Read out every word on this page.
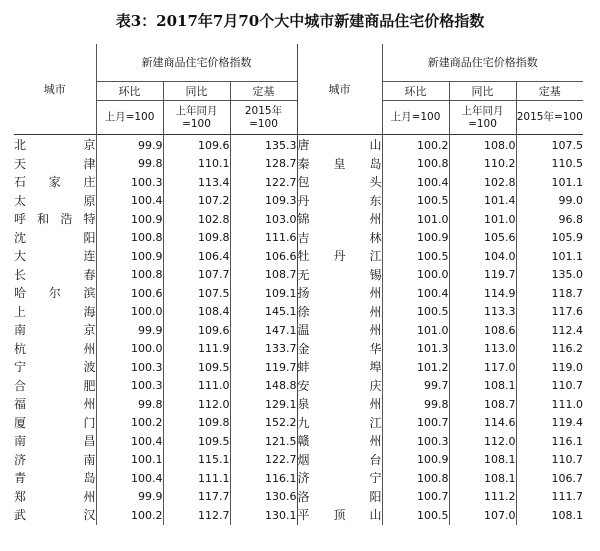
表3：2017年7月70个大中城市新建商品住宅价格指数
城市	新建商品住宅价格指数			城市	新建商品住宅价格指数		
	环比	同比	定基		环比	同比	定基
	上月=100	上年同月=100	2015年=100		上月=100	上年同月=100	2015年=100
北京	99.9	109.6	135.3	唐山	100.2	108.0	107.5
天津	99.8	110.1	128.7	秦皇岛	100.8	110.2	110.5
石家庄	100.3	113.4	122.7	包头	100.4	102.8	101.1
太原	100.4	107.2	109.3	丹东	100.5	101.4	99.0
呼和浩特	100.9	102.8	103.0	锦州	101.0	101.0	96.8
沈阳	100.8	109.8	111.6	吉林	100.9	105.6	105.9
大连	100.9	106.4	106.6	牡丹江	100.5	104.0	101.1
长春	100.8	107.7	108.7	无锡	100.0	119.7	135.0
哈尔滨	100.6	107.5	109.1	扬州	100.4	114.9	118.7
上海	100.0	108.4	145.1	徐州	100.5	113.3	117.6
南京	99.9	109.6	147.1	温州	101.0	108.6	112.4
杭州	100.0	111.9	133.7	金华	101.3	113.0	116.2
宁波	100.3	109.5	119.7	蚌埠	101.2	117.0	119.0
合肥	100.3	111.0	148.8	安庆	99.7	108.1	110.7
福州	99.8	112.0	129.1	泉州	99.8	108.7	111.0
厦门	100.2	109.8	152.2	九江	100.7	114.6	119.4
南昌	100.4	109.5	121.5	赣州	100.3	112.0	116.1
济南	100.1	115.1	122.7	烟台	100.9	108.1	110.7
青岛	100.4	111.1	116.1	济宁	100.8	108.1	106.7
郑州	99.9	117.7	130.6	洛阳	100.7	111.2	111.7
武汉	100.2	112.7	130.1	平顶山	100.5	107.0	108.1
